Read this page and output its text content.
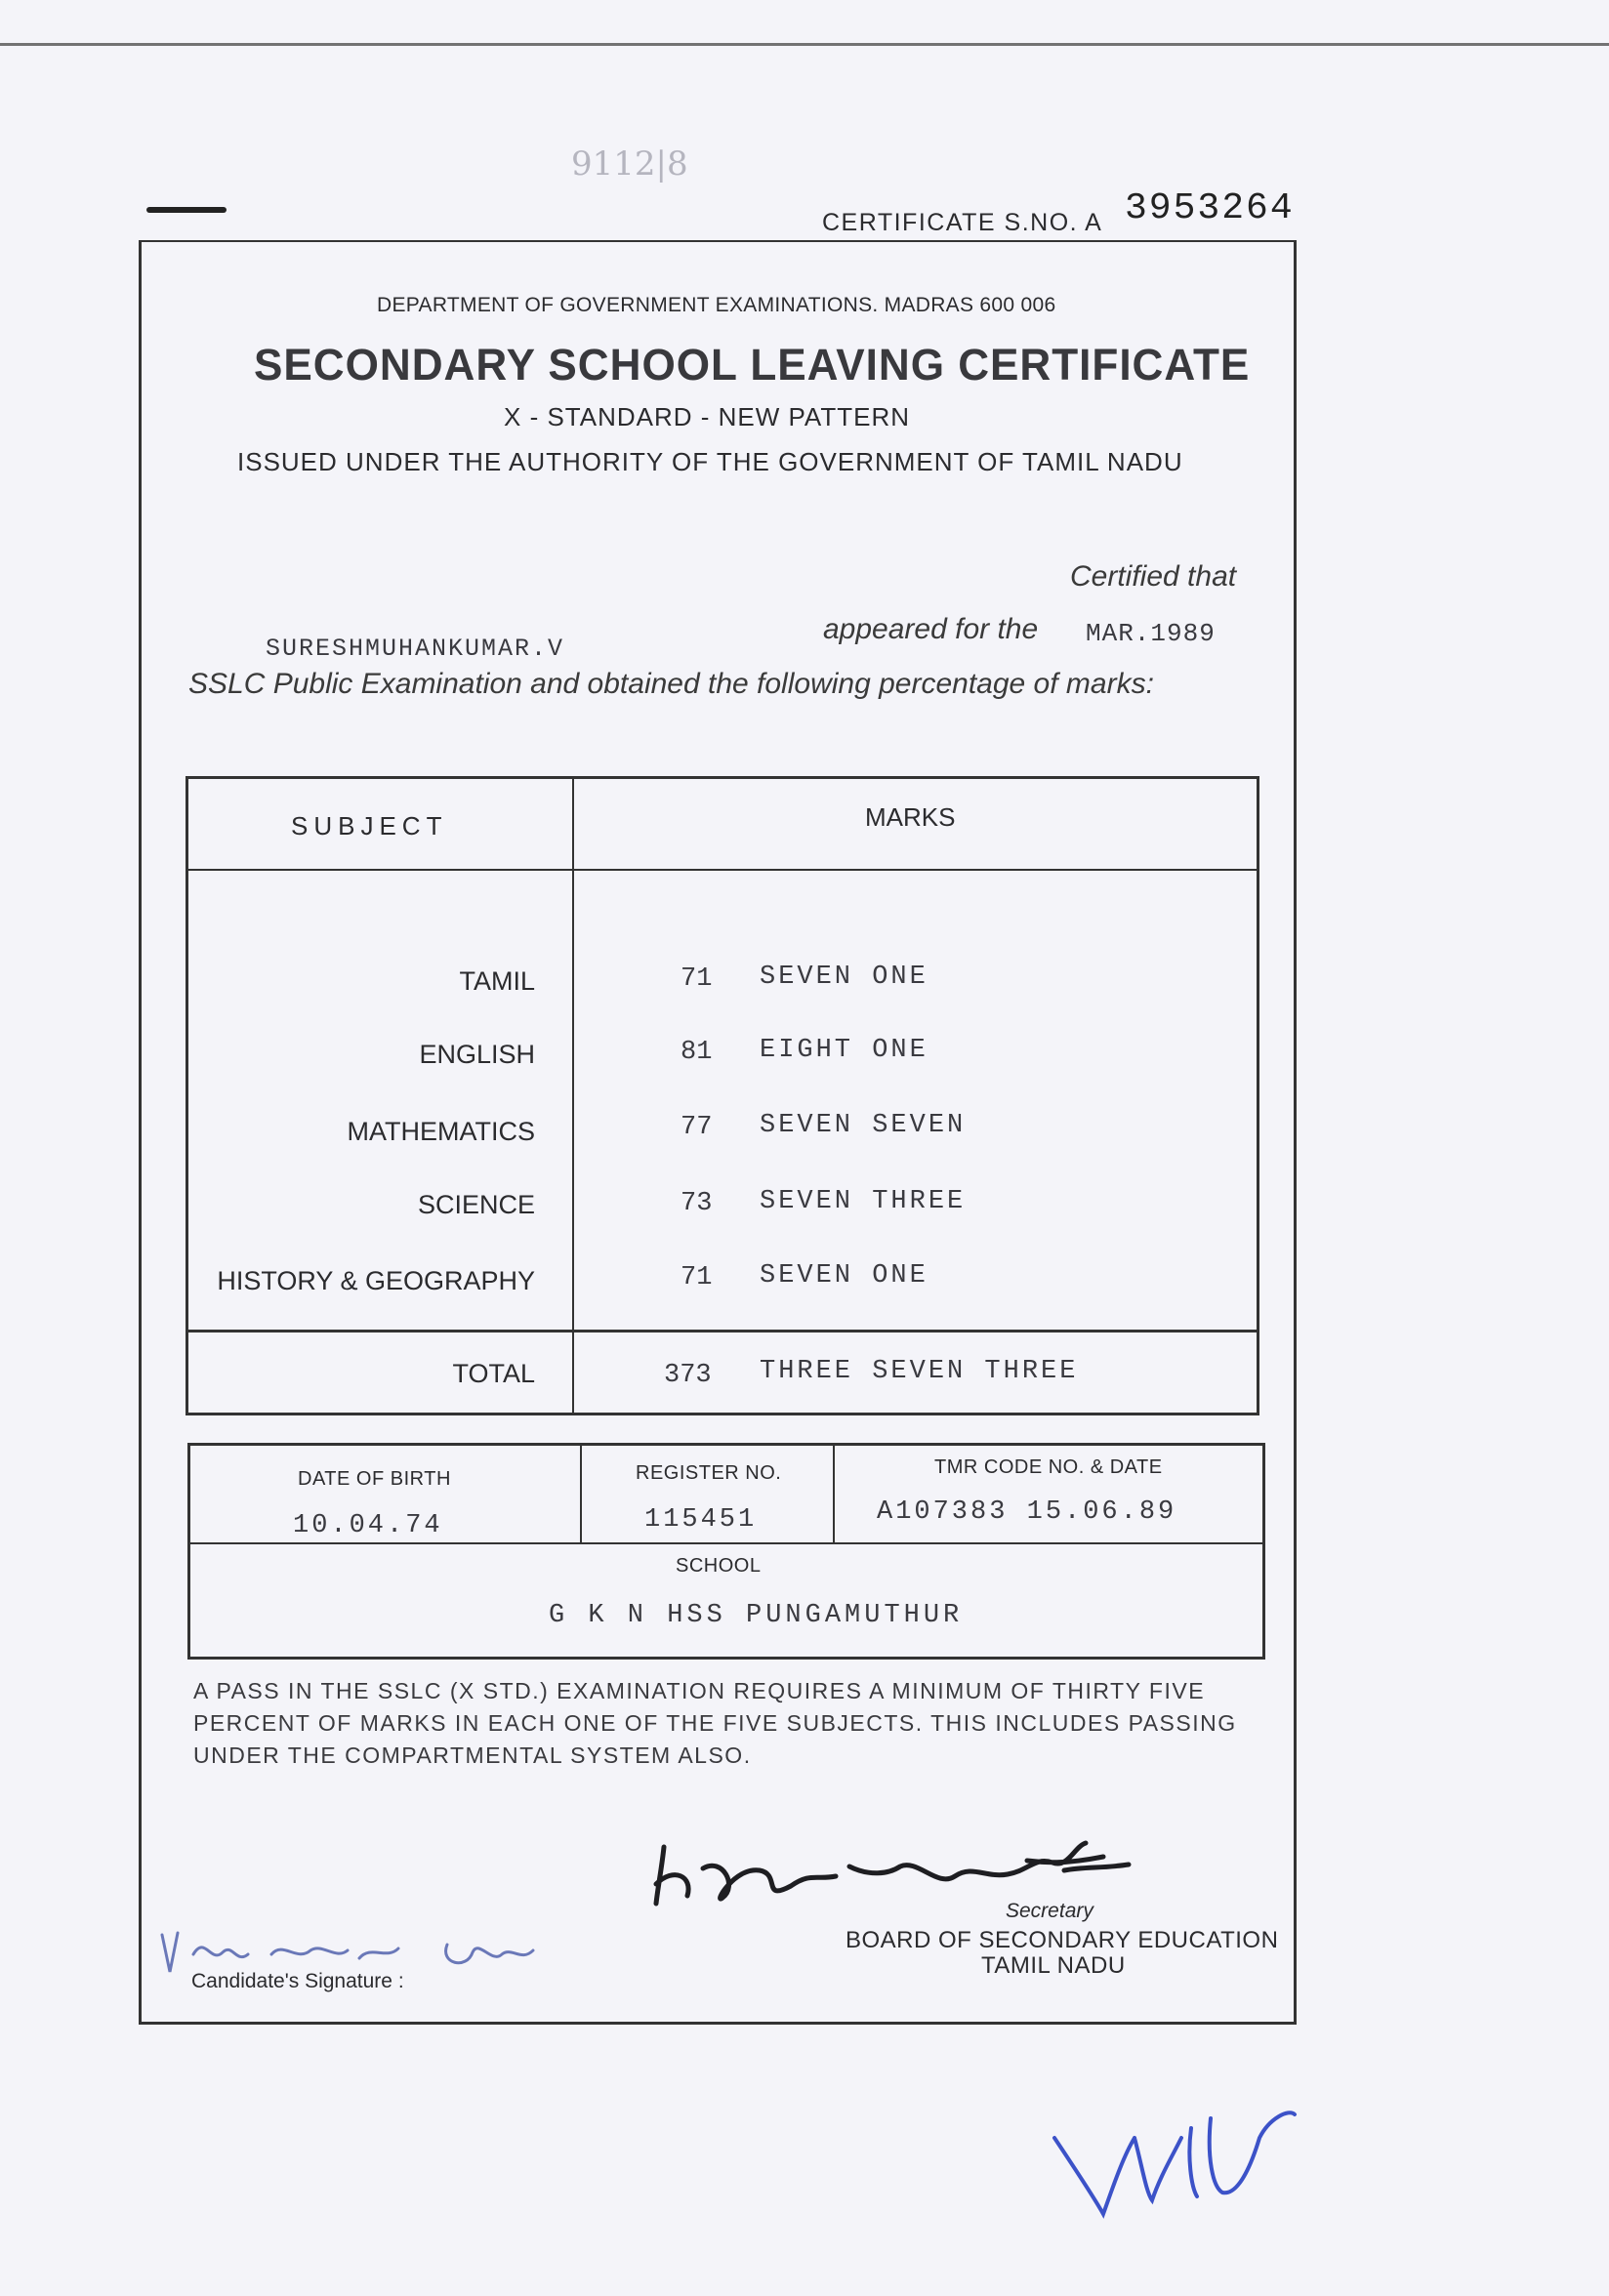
9112|8
CERTIFICATE S.NO. A 3953264
DEPARTMENT OF GOVERNMENT EXAMINATIONS. MADRAS 600 006
SECONDARY SCHOOL LEAVING CERTIFICATE
X - STANDARD - NEW PATTERN
ISSUED UNDER THE AUTHORITY OF THE GOVERNMENT OF TAMIL NADU
Certified that
SURESHMUHANKUMAR.V
appeared for the MAR.1989
SSLC Public Examination and obtained the following percentage of marks:
SUBJECT	MARKS
TAMIL	71 SEVEN ONE
ENGLISH	81 EIGHT ONE
MATHEMATICS	77 SEVEN SEVEN
SCIENCE	73 SEVEN THREE
HISTORY & GEOGRAPHY	71 SEVEN ONE
TOTAL	373 THREE SEVEN THREE
DATE OF BIRTH
10.04.74
REGISTER NO.
115451
TMR CODE NO. & DATE
A107383 15.06.89
SCHOOL
G K N HSS PUNGAMUTHUR
A PASS IN THE SSLC (X STD.) EXAMINATION REQUIRES A MINIMUM OF THIRTY FIVE PERCENT OF MARKS IN EACH ONE OF THE FIVE SUBJECTS. THIS INCLUDES PASSING UNDER THE COMPARTMENTAL SYSTEM ALSO.
Secretary
BOARD OF SECONDARY EDUCATION
TAMIL NADU
Candidate's Signature :
